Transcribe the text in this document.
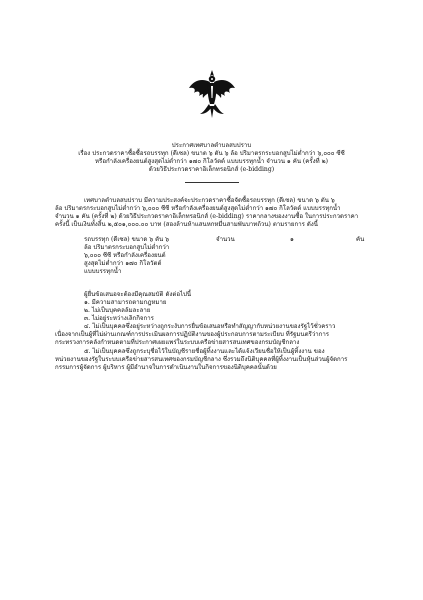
ประกาศเทศบาลตำบลสบปราบ
เรื่อง ประกวดราคาซื้อซื้อรถบรรทุก (ดีเซล) ขนาด ๖ ตัน ๖ ล้อ ปริมาตรกระบอกสูบไม่ต่ำกว่า ๖,๐๐๐ ซีซี
หรือกำลังเครื่องยนต์สูงสุดไม่ต่ำกว่า ๑๗๐ กิโลวัตต์ แบบบรรทุกน้ำ จำนวน ๑ คัน (ครั้งที่ ๒)
ด้วยวิธีประกวดราคาอิเล็กทรอนิกส์ (e-bidding)
เทศบาลตำบลสบปราบ มีความประสงค์จะประกวดราคาซื้อจัดซื้อรถบรรทุก (ดีเซล) ขนาด ๖ ตัน ๖
ล้อ ปริมาตรกระบอกสูบไม่ต่ำกว่า ๖,๐๐๐ ซีซี หรือกำลังเครื่องยนต์สูงสุดไม่ต่ำกว่า ๑๗๐ กิโลวัตต์ แบบบรรทุกน้ำ
จำนวน ๑ คัน (ครั้งที่ ๒) ด้วยวิธีประกวดราคาอิเล็กทรอนิกส์ (e-bidding) ราคากลางของงานซื้อ ในการประกวดราคา
ครั้งนี้ เป็นเงินทั้งสิ้น ๒,๕๐๑,๐๐๐.๐๐ บาท (สองล้านห้าแสนหกหมื่นสามพันบาทถ้วน) ตามรายการ ดังนี้
รถบรรทุก (ดีเซล) ขนาด ๖ ตัน ๖
ล้อ ปริมาตรกระบอกสูบไม่ต่ำกว่า
๖,๐๐๐ ซีซี หรือกำลังเครื่องยนต์
สูงสุดไม่ต่ำกว่า ๑๗๐ กิโลวัตต์
แบบบรรทุกน้ำ
จำนวน	๑	คัน
ผู้ยื่นข้อเสนอจะต้องมีคุณสมบัติ ดังต่อไปนี้
๑. มีความสามารถตามกฎหมาย
๒. ไม่เป็นบุคคลล้มละลาย
๓. ไม่อยู่ระหว่างเลิกกิจการ
๔. ไม่เป็นบุคคลซึ่งอยู่ระหว่างถูกระงับการยื่นข้อเสนอหรือทำสัญญากับหน่วยงานของรัฐไว้ชั่วคราว
เนื่องจากเป็นผู้ที่ไม่ผ่านเกณฑ์การประเมินผลการปฏิบัติงานของผู้ประกอบการตามระเบียบ ที่รัฐมนตรีว่าการ
กระทรวงการคลังกำหนดตามที่ประกาศเผยแพร่ในระบบเครือข่ายสารสนเทศของกรมบัญชีกลาง
๕. ไม่เป็นบุคคลซึ่งถูกระบุชื่อไว้ในบัญชีรายชื่อผู้ทิ้งงานและได้แจ้งเวียนชื่อให้เป็นผู้ทิ้งงาน ของ
หน่วยงานของรัฐในระบบเครือข่ายสารสนเทศของกรมบัญชีกลาง ซึ่งรวมถึงนิติบุคคลที่ผู้ทิ้งงานเป็นหุ้นส่วนผู้จัดการ
กรรมการผู้จัดการ ผู้บริหาร ผู้มีอำนาจในการดำเนินงานในกิจการของนิติบุคคลนั้นด้วย
